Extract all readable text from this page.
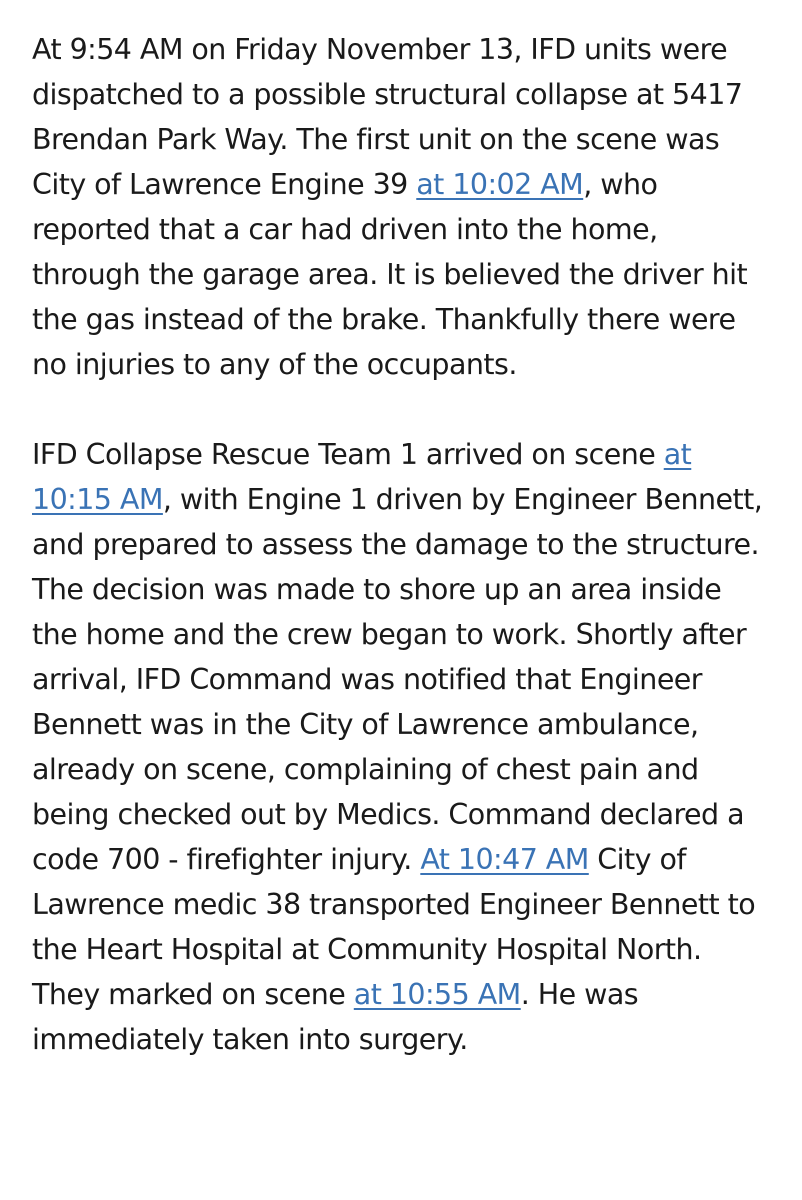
At 9:54 AM on Friday November 13, IFD units were dispatched to a possible structural collapse at 5417 Brendan Park Way. The first unit on the scene was City of Lawrence Engine 39 at 10:02 AM, who reported that a car had driven into the home, through the garage area. It is believed the driver hit the gas instead of the brake. Thankfully there were no injuries to any of the occupants.

IFD Collapse Rescue Team 1 arrived on scene at 10:15 AM, with Engine 1 driven by Engineer Bennett, and prepared to assess the damage to the structure. The decision was made to shore up an area inside the home and the crew began to work. Shortly after arrival, IFD Command was notified that Engineer Bennett was in the City of Lawrence ambulance, already on scene, complaining of chest pain and being checked out by Medics. Command declared a code 700 - firefighter injury. At 10:47 AM City of Lawrence medic 38 transported Engineer Bennett to the Heart Hospital at Community Hospital North. They marked on scene at 10:55 AM. He was immediately taken into surgery.
